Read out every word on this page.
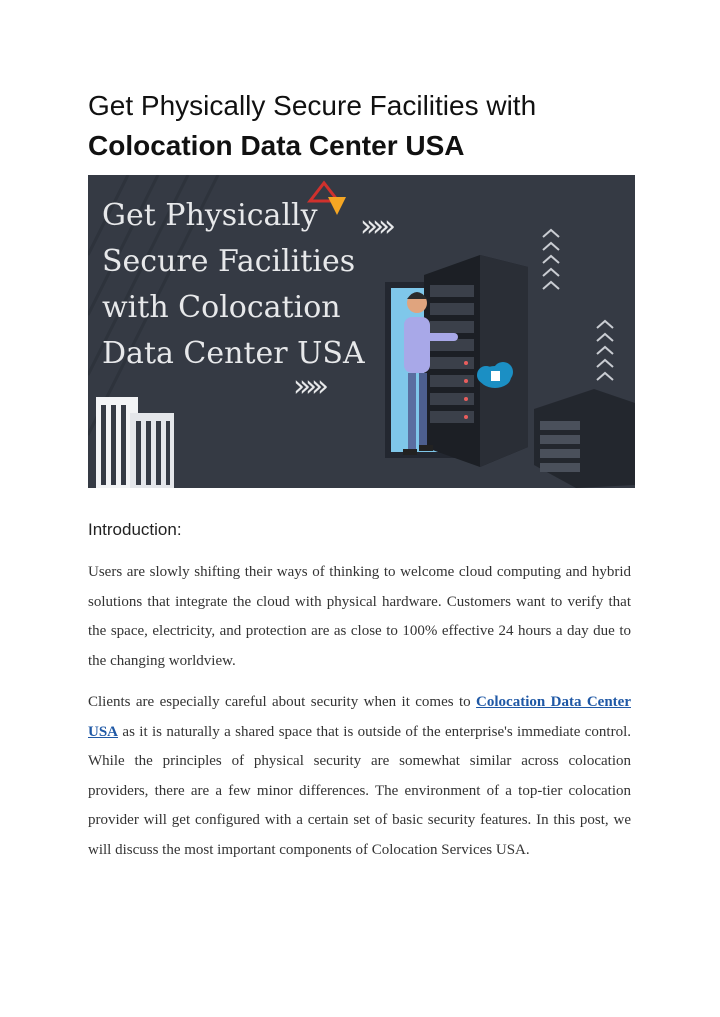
Get Physically Secure Facilities with
Colocation Data Center USA
Get Physically
Secure Facilities
with Colocation
Data Center USA
›››››
›››››
Introduction:

Users are slowly shifting their ways of thinking to welcome cloud computing and hybrid solutions that integrate the cloud with physical hardware. Customers want to verify that the space, electricity, and protection are as close to 100% effective 24 hours a day due to the changing worldview.

Clients are especially careful about security when it comes to Colocation Data Center USA as it is naturally a shared space that is outside of the enterprise's immediate control. While the principles of physical security are somewhat similar across colocation providers, there are a few minor differences. The environment of a top-tier colocation provider will get configured with a certain set of basic security features. In this post, we will discuss the most important components of Colocation Services USA.
